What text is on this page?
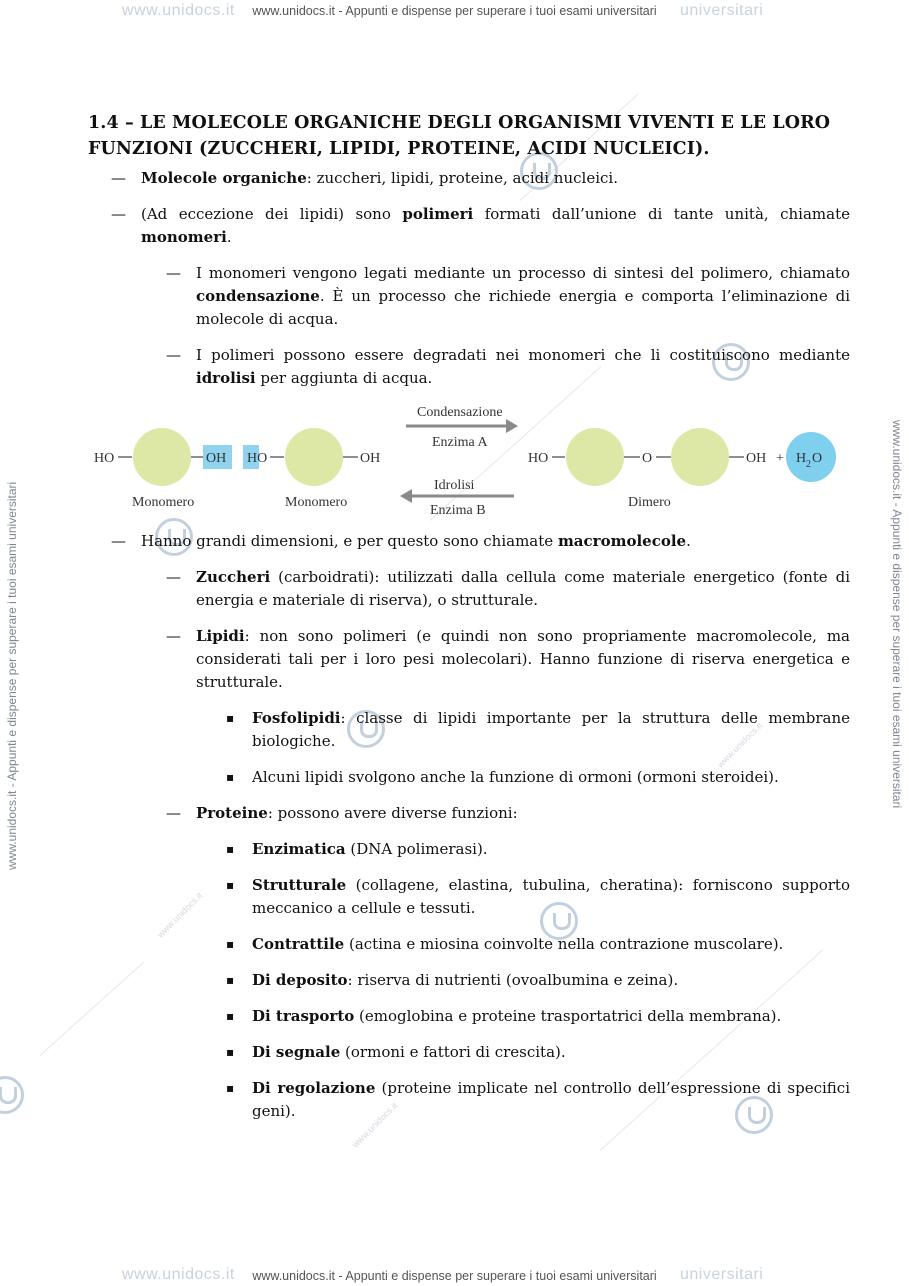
www.unidocs.it	universitari
www.unidocs.it - Appunti e dispense per superare i tuoi esami universitari
www.unidocs.it	universitari
www.unidocs.it - Appunti e dispense per superare i tuoi esami universitari
www.unidocs.it - Appunti e dispense per superare i tuoi esami universitari	www.unidocs.it - Appunti e dispense per superare i tuoi esami universitari
www.unidocs.it
www.unidocs.it
www.unidocs.it
1.4 – LE MOLECOLE ORGANICHE DEGLI ORGANISMI VIVENTI E LE LORO FUNZIONI (ZUCCHERI, LIPIDI, PROTEINE, ACIDI NUCLEICI).
— Molecole organiche: zuccheri, lipidi, proteine, acidi nucleici.
— (Ad eccezione dei lipidi) sono polimeri formati dall’unione di tante unità, chiamate monomeri.
— I monomeri vengono legati mediante un processo di sintesi del polimero, chiamato condensazione. È un processo che richiede energia e comporta l’eliminazione di molecole di acqua.
— I polimeri possono essere degradati nei monomeri che li costituiscono mediante idrolisi per aggiunta di acqua.
— Hanno grandi dimensioni, e per questo sono chiamate macromolecole.
— Zuccheri (carboidrati): utilizzati dalla cellula come materiale energetico (fonte di energia e materiale di riserva), o strutturale.
— Lipidi: non sono polimeri (e quindi non sono propriamente macromolecole, ma considerati tali per i loro pesi molecolari). Hanno funzione di riserva energetica e strutturale.
▪ Fosfolipidi: classe di lipidi importante per la struttura delle membrane biologiche.
▪ Alcuni lipidi svolgono anche la funzione di ormoni (ormoni steroidei).
— Proteine: possono avere diverse funzioni:
▪ Enzimatica (DNA polimerasi).
▪ Strutturale (collagene, elastina, tubulina, cheratina): forniscono supporto meccanico a cellule e tessuti.
▪ Contrattile (actina e miosina coinvolte nella contrazione muscolare).
▪ Di deposito: riserva di nutrienti (ovoalbumina e zeina).
▪ Di trasporto (emoglobina e proteine trasportatrici della membrana).
▪ Di segnale (ormoni e fattori di crescita).
▪ Di regolazione (proteine implicate nel controllo dell’espressione di specifici geni).
HO	OH
Monomero
HO	OH
Monomero
Condensazione
Enzima A
Idrolisi
Enzima B
HO	O	OH
Dimero
+ H 2 O
